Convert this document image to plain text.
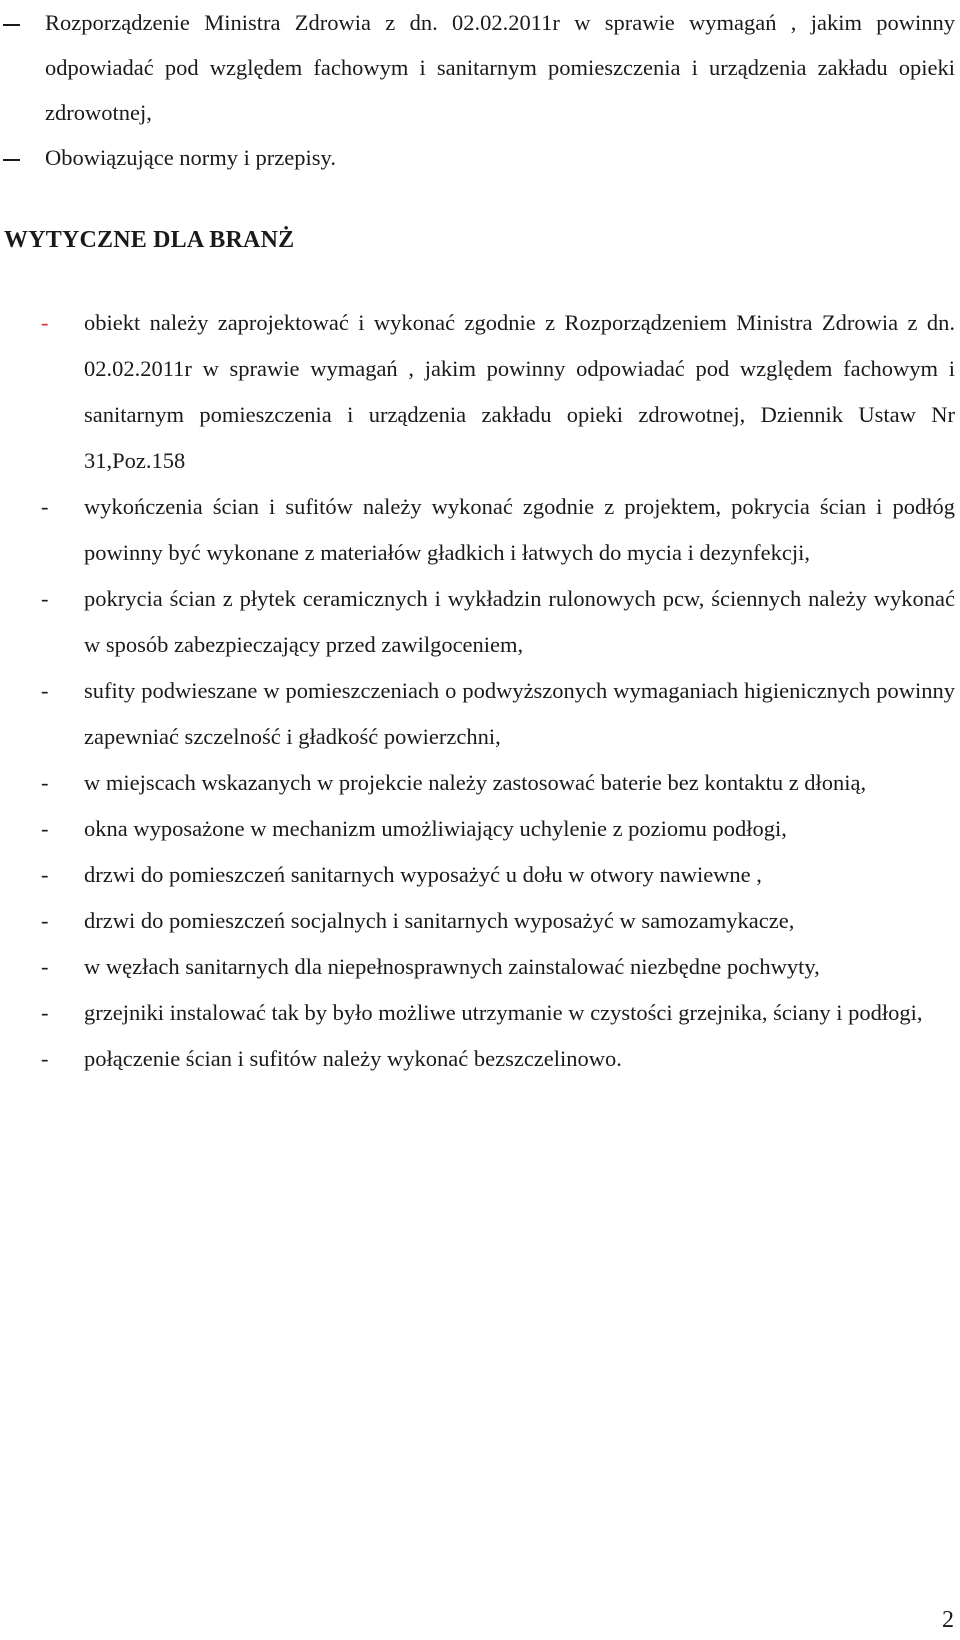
Rozporządzenie Ministra Zdrowia z dn. 02.02.2011r w sprawie wymagań , jakim powinny odpowiadać pod względem fachowym i sanitarnym pomieszczenia i urządzenia zakładu opieki zdrowotnej,
Obowiązujące normy i przepisy.
WYTYCZNE DLA BRANŻ
-	obiekt należy zaprojektować i wykonać zgodnie z Rozporządzeniem Ministra Zdrowia z dn. 02.02.2011r w sprawie wymagań , jakim powinny odpowiadać pod względem fachowym i sanitarnym pomieszczenia i urządzenia zakładu opieki zdrowotnej, Dziennik Ustaw Nr 31,Poz.158
-	wykończenia ścian i sufitów należy wykonać zgodnie z projektem, pokrycia ścian i podłóg powinny być wykonane z materiałów gładkich i łatwych do mycia i dezynfekcji,
-	pokrycia ścian z płytek ceramicznych i wykładzin rulonowych pcw, ściennych należy wykonać w sposób zabezpieczający przed zawilgoceniem,
-	sufity podwieszane w pomieszczeniach o podwyższonych wymaganiach higienicznych powinny zapewniać szczelność i gładkość powierzchni,
-	w miejscach wskazanych w projekcie należy zastosować baterie bez kontaktu z dłonią,
-	okna wyposażone w mechanizm umożliwiający uchylenie z poziomu podłogi,
-	drzwi do pomieszczeń sanitarnych wyposażyć u dołu w otwory nawiewne ,
-	drzwi do pomieszczeń socjalnych i sanitarnych wyposażyć w samozamykacze,
-	w węzłach sanitarnych dla niepełnosprawnych zainstalować niezbędne pochwyty,
-	grzejniki instalować tak by było możliwe utrzymanie w czystości grzejnika, ściany i podłogi,
-	połączenie ścian i sufitów należy wykonać bezszczelinowo.
2
